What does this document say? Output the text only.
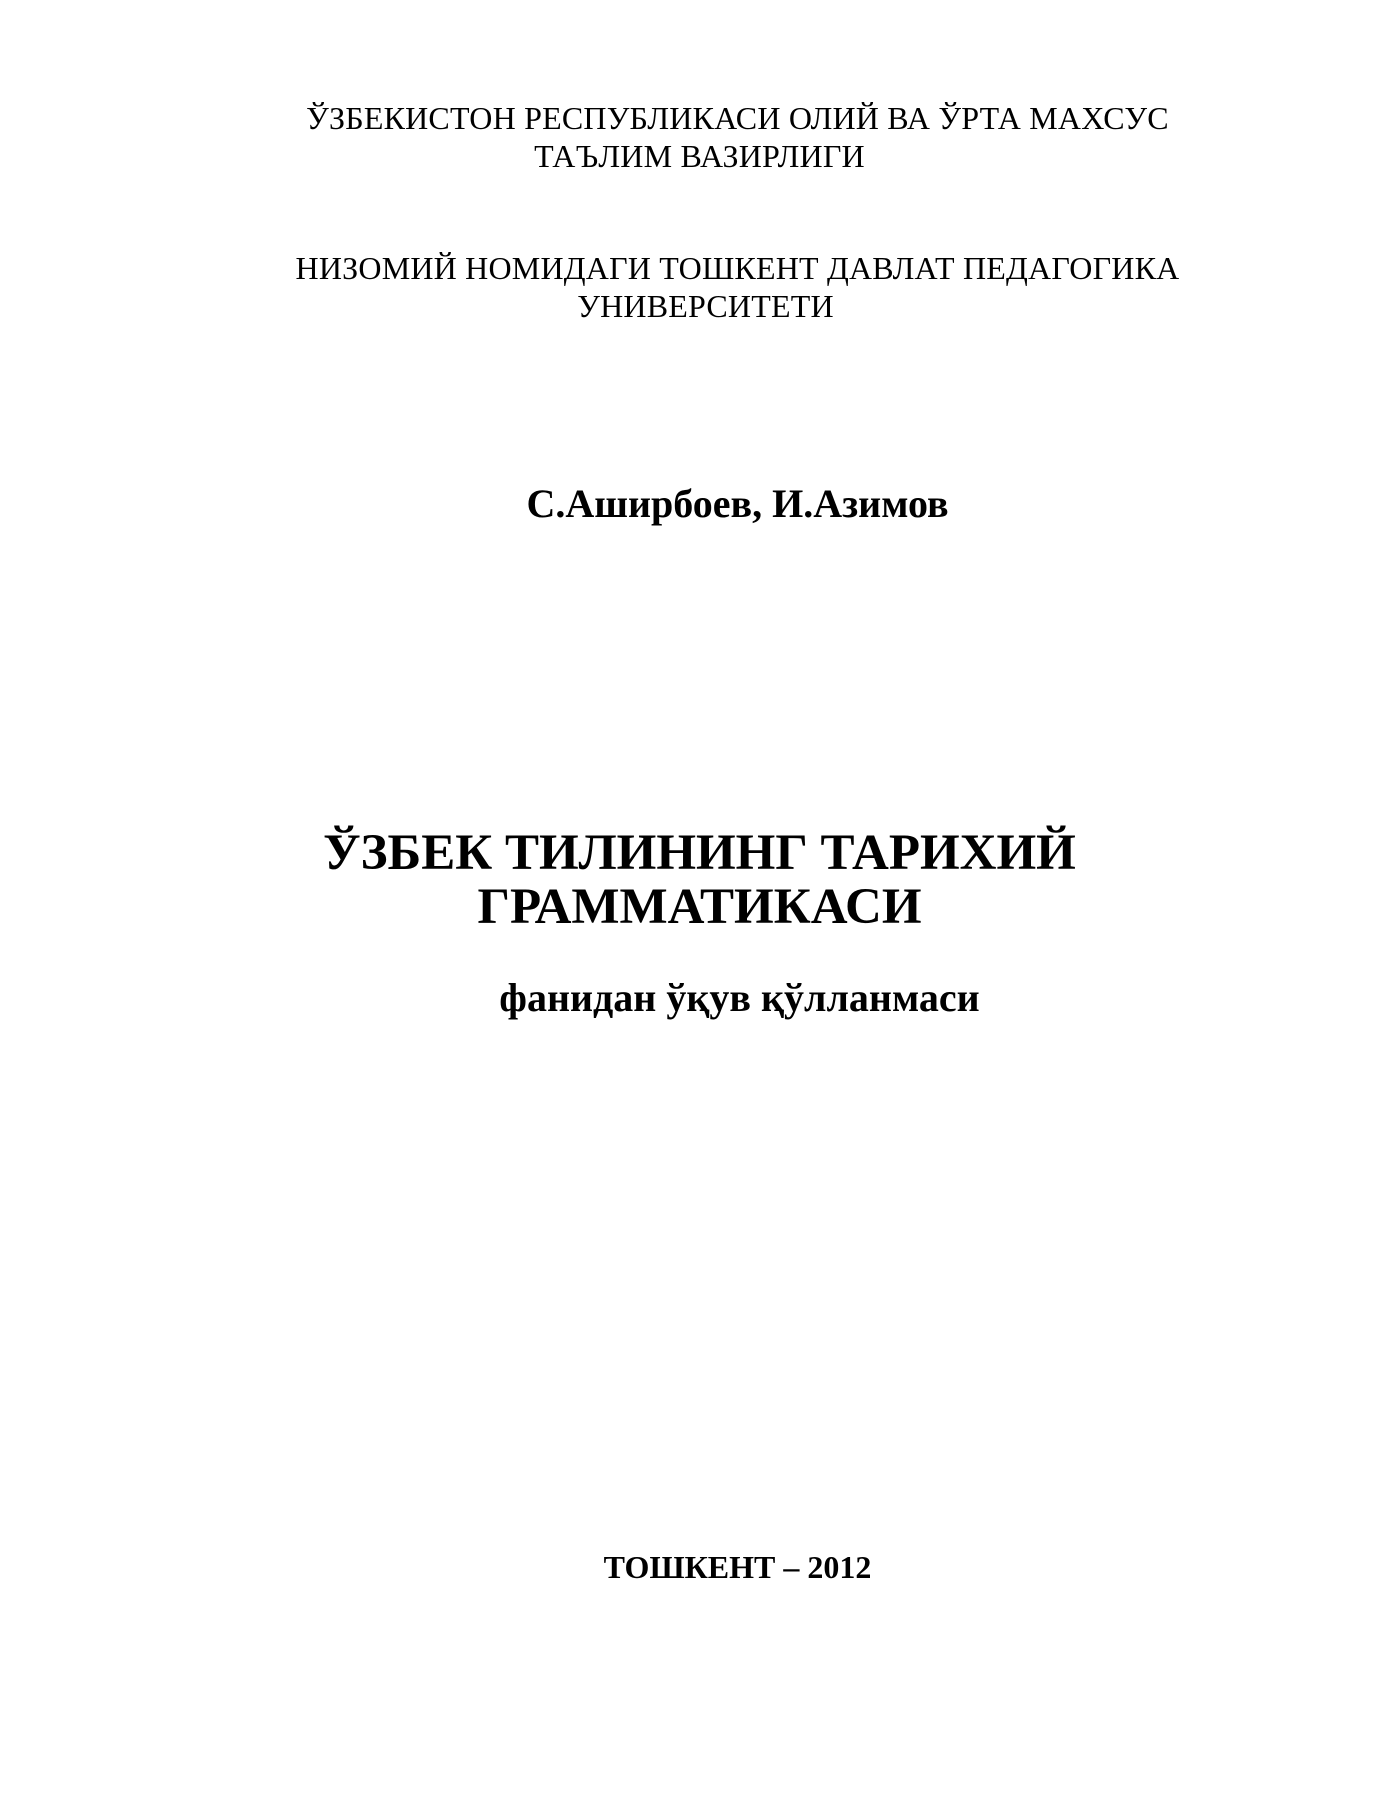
ЎЗБЕКИСТОН РЕСПУБЛИКАСИ ОЛИЙ ВА ЎРТА МАХСУС
ТАЪЛИМ ВАЗИРЛИГИ
НИЗОМИЙ НОМИДАГИ ТОШКЕНТ ДАВЛАТ ПЕДАГОГИКА
УНИВЕРСИТЕТИ
С.Аширбоев, И.Азимов
ЎЗБЕК ТИЛИНИНГ ТАРИХИЙ
ГРАММАТИКАСИ
фанидан ўқув қўлланмаси
ТОШКЕНТ – 2012
